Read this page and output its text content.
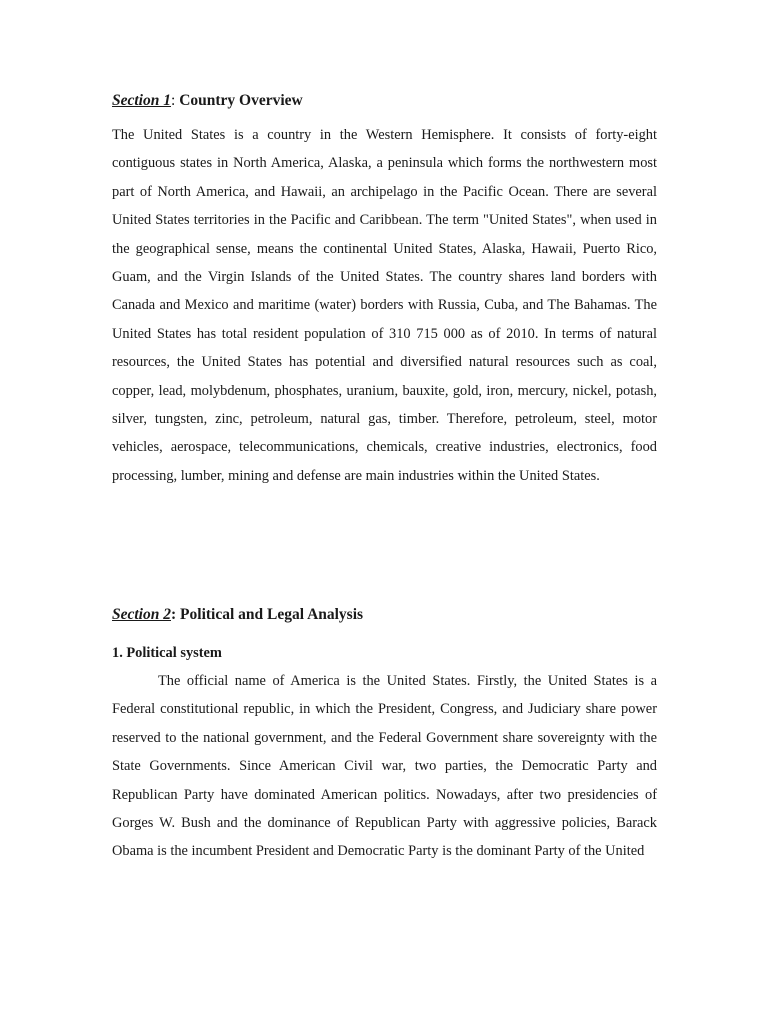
Section 1: Country Overview

The United States is a country in the Western Hemisphere. It consists of forty-eight contiguous states in North America, Alaska, a peninsula which forms the northwestern most part of North America, and Hawaii, an archipelago in the Pacific Ocean. There are several United States territories in the Pacific and Caribbean. The term "United States", when used in the geographical sense, means the continental United States, Alaska, Hawaii, Puerto Rico, Guam, and the Virgin Islands of the United States. The country shares land borders with Canada and Mexico and maritime (water) borders with Russia, Cuba, and The Bahamas. The United States has total resident population of 310 715 000 as of 2010. In terms of natural resources, the United States has potential and diversified natural resources such as coal, copper, lead, molybdenum, phosphates, uranium, bauxite, gold, iron, mercury, nickel, potash, silver, tungsten, zinc, petroleum, natural gas, timber. Therefore, petroleum, steel, motor vehicles, aerospace, telecommunications, chemicals, creative industries, electronics, food processing, lumber, mining and defense are main industries within the United States.

Section 2: Political and Legal Analysis
1. Political system

The official name of America is the United States. Firstly, the United States is a Federal constitutional republic, in which the President, Congress, and Judiciary share power reserved to the national government, and the Federal Government share sovereignty with the State Governments. Since American Civil war, two parties, the Democratic Party and Republican Party have dominated American politics. Nowadays, after two presidencies of Gorges W. Bush and the dominance of Republican Party with aggressive policies, Barack Obama is the incumbent President and Democratic Party is the dominant Party of the United
